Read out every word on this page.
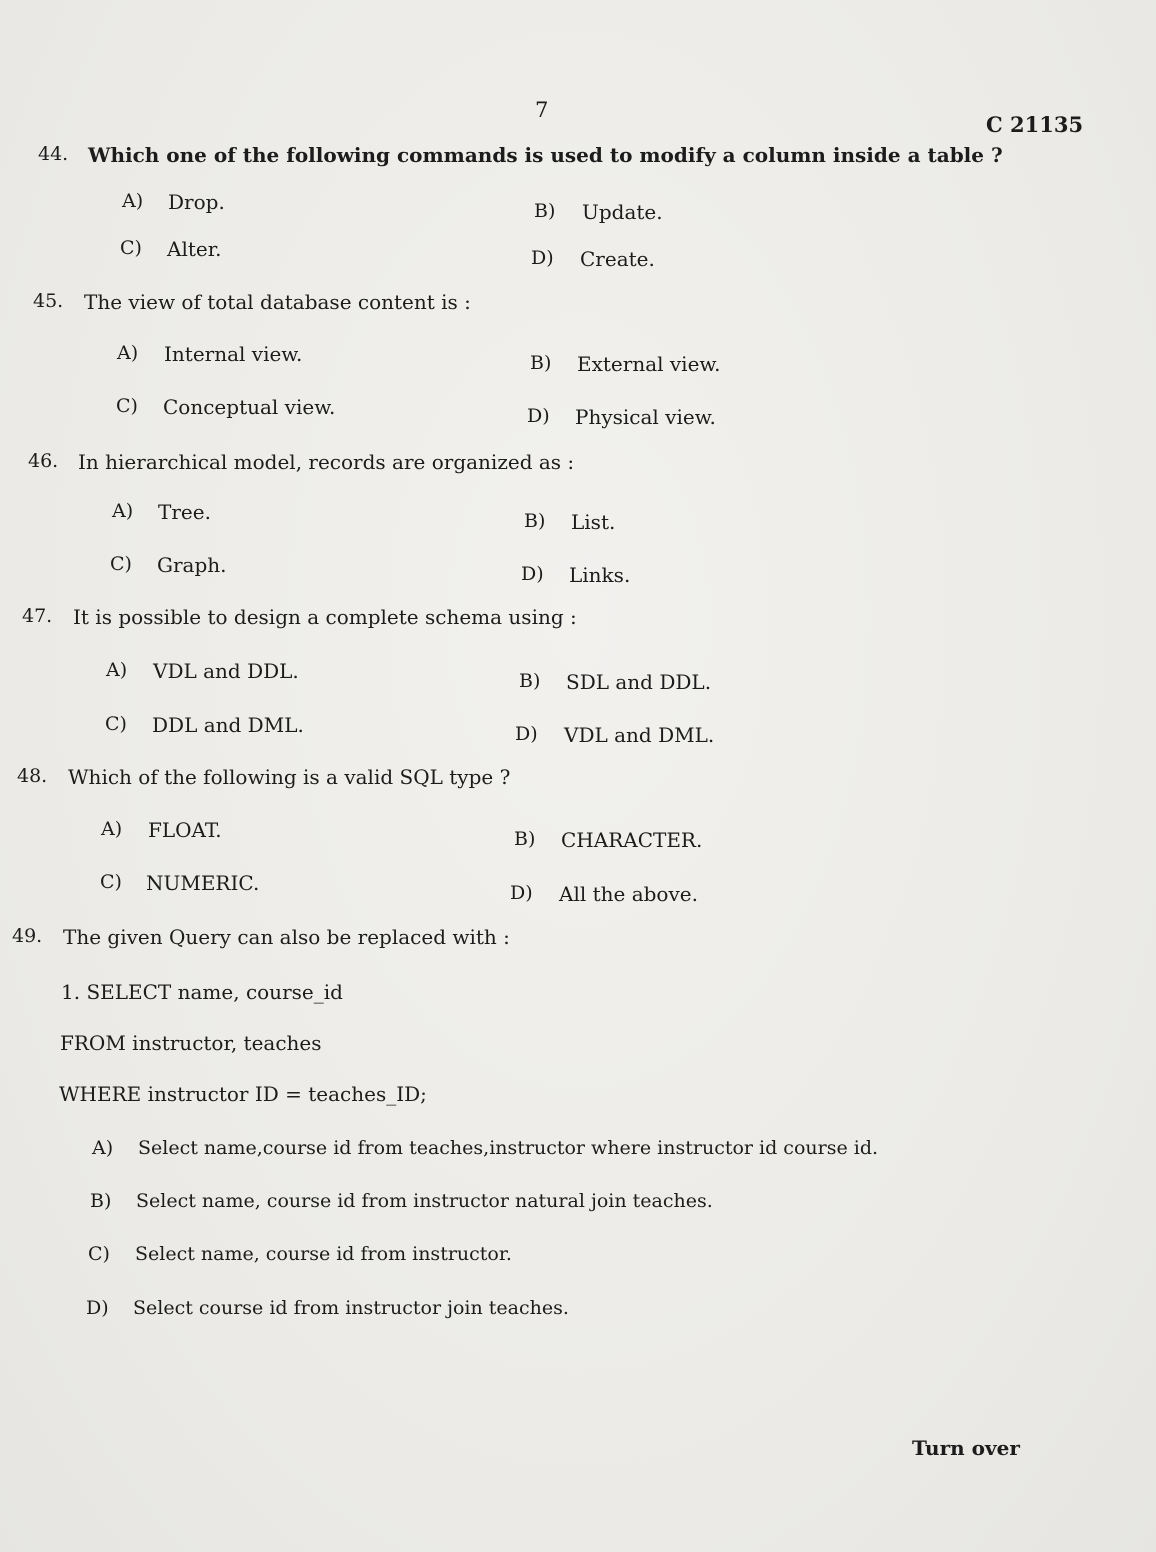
7
C 21135
44. Which one of the following commands is used to modify a column inside a table ?
A) Drop.	B) Update.
C) Alter.	D) Create.
45. The view of total database content is :
A) Internal view.	B) External view.
C) Conceptual view.	D) Physical view.
46. In hierarchical model, records are organized as :
A) Tree.	B) List.
C) Graph.	D) Links.
47. It is possible to design a complete schema using :
A) VDL and DDL.	B) SDL and DDL.
C) DDL and DML.	D) VDL and DML.
48. Which of the following is a valid SQL type ?
A) FLOAT.	B) CHARACTER.
C) NUMERIC.	D) All the above.
49. The given Query can also be replaced with :
1. SELECT name, course_id
FROM instructor, teaches
WHERE instructor ID = teaches_ID;
A) Select name,course id from teaches,instructor where instructor id course id.
B) Select name, course id from instructor natural join teaches.
C) Select name, course id from instructor.
D) Select course id from instructor join teaches.
Turn over
